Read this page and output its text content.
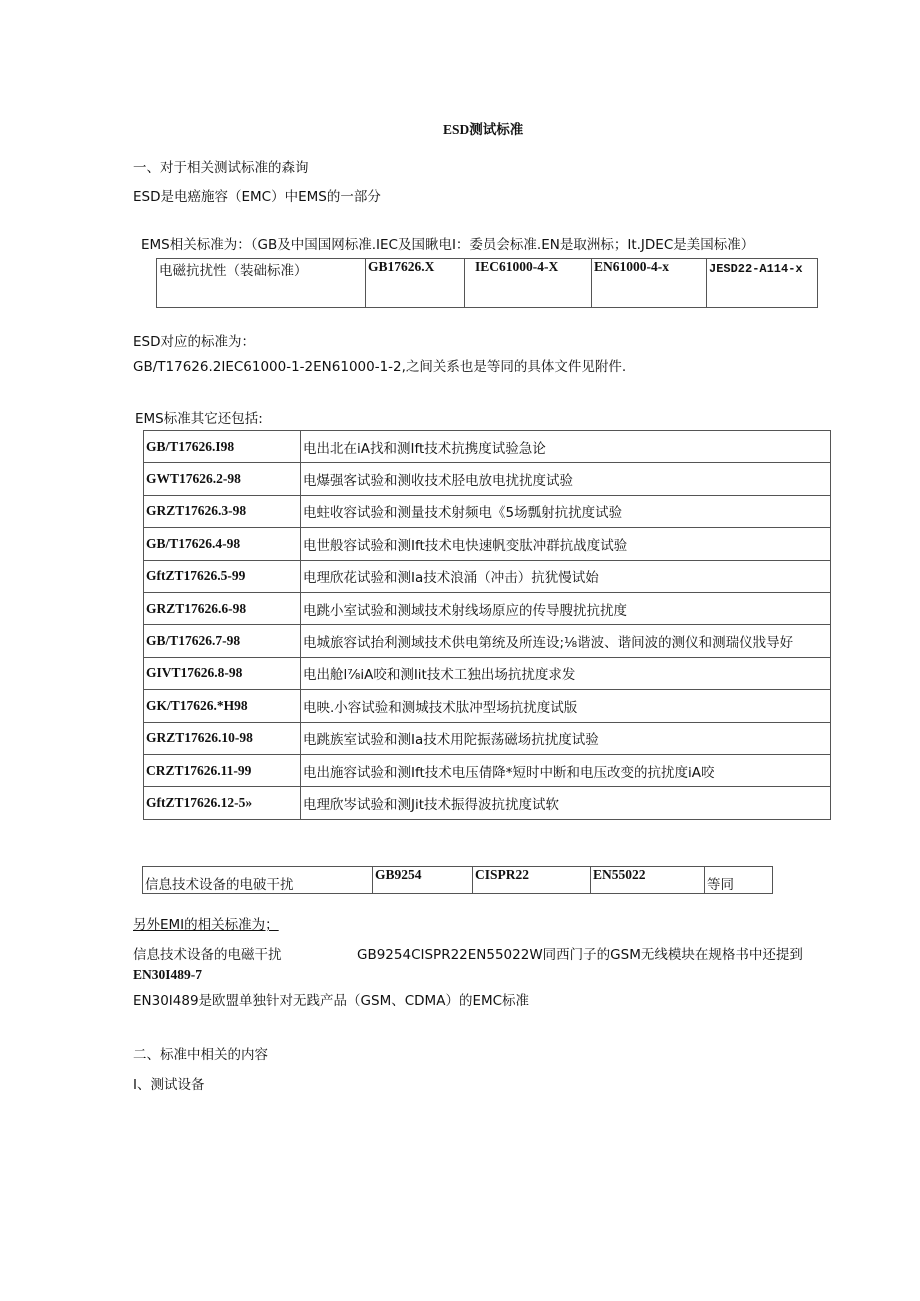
ESD测试标准
一、对于相关测试标准的森询
ESD是电癌施容（EMC）中EMS的一部分
EMS相关标准为：（GB及中国国网标准.IEC及国瞅电I：委员会标准.EN是取洲标；It.JDEC是美国标准）
电磁抗扰性（装础标准）	GB17626.X	IEC61000-4-X	EN61000-4-x	JESD22-A114-x
ESD对应的标准为：
GB/T17626.2IEC61000-1-2EN61000-1-2,之间关系也是等同的具体文件见附件.
EMS标准其它还包括:
GB/T17626.I98	电出北在iA找和测Ift技术抗携度试验急论
GWT17626.2-98	电爆强客试验和测收技术胫电放电扰扰度试验
GRZT17626.3-98	电蛀收容试验和测量技术射频电《5场瓢射抗扰度试验
GB/T17626.4-98	电世般容试验和测Ift技术电快速帆变肽冲群抗战度试验
GftZT17626.5-99	电理欣花试验和测Ia技术浪涌（冲击）抗犹慢试始
GRZT17626.6-98	电跳小室试验和测域技术射线场原应的传导膄扰抗扰度
GB/T17626.7-98	电城旅容试抬利测域技术供电第统及所连设;⅛谐波、谐间波的测仪和测瑞仪戕导好
GIVT17626.8-98	电出舱l⅞iA咬和测Iit技术工独出场抗扰度求发
GK/T17626.*H98	电映.小容试验和测城技术肽冲型场抗扰度试版
GRZT17626.10-98	电跳族室试验和测Ia技术用陀振荡磁场抗扰度试验
CRZT17626.11-99	电出施容试验和测Ift技术电压倩降*短时中断和电压改变的抗扰度iA咬
GftZT17626.12-5»	电理欣岑试验和测Jit技术振得波抗扰度试软
信息技术设备的电破干扰	GB9254	CISPR22	EN55022	等同
另外EMI的相关标准为；
信息技术设备的电磁干扰	GB9254CISPR22EN55022W同西门子的GSM无线模块在规格书中还提到
EN30I489-7
EN30I489是欧盟单独针对无践产品（GSM、CDMA）的EMC标准
二、标准中相关的内容
I、测试设备
